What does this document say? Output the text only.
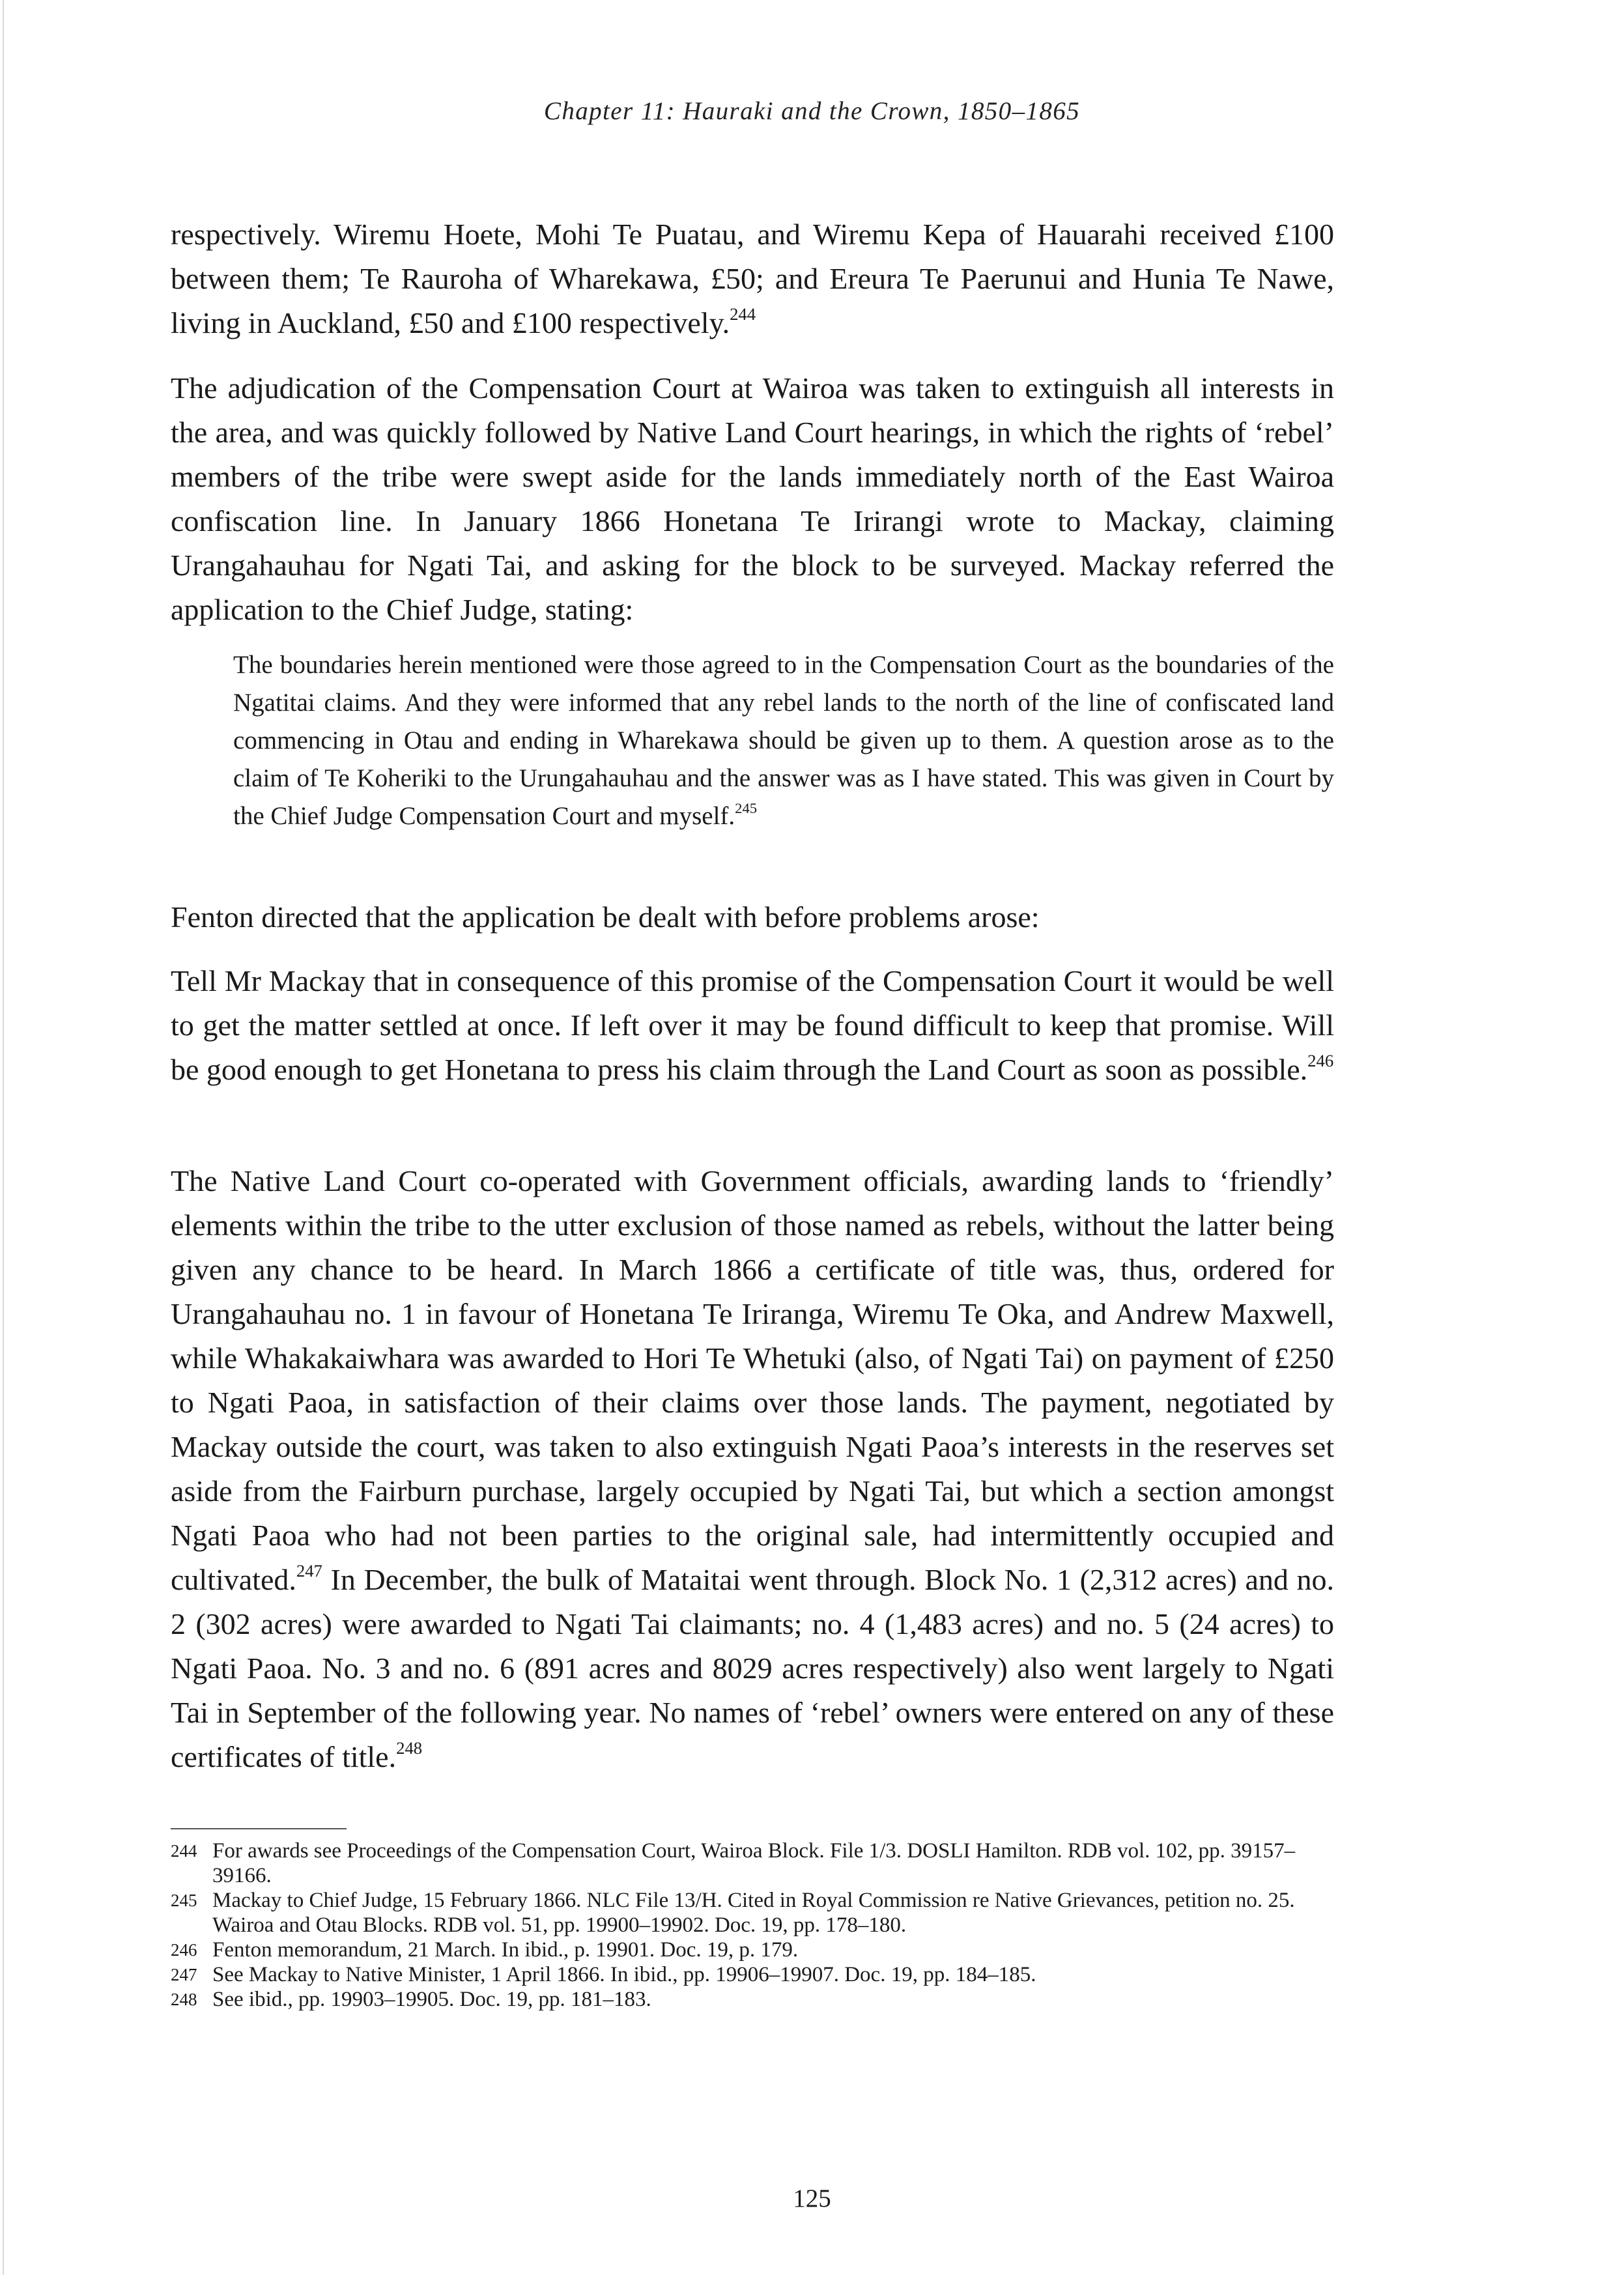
Chapter 11: Hauraki and the Crown, 1850–1865

respectively. Wiremu Hoete, Mohi Te Puatau, and Wiremu Kepa of Hauarahi received £100 between them; Te Rauroha of Wharekawa, £50; and Ereura Te Paerunui and Hunia Te Nawe, living in Auckland, £50 and £100 respectively.$^{244}$

The adjudication of the Compensation Court at Wairoa was taken to extinguish all interests in the area, and was quickly followed by Native Land Court hearings, in which the rights of ‘rebel’ members of the tribe were swept aside for the lands immediately north of the East Wairoa confiscation line. In January 1866 Honetana Te Irirangi wrote to Mackay, claiming Urangahauhau for Ngati Tai, and asking for the block to be surveyed. Mackay referred the application to the Chief Judge, stating:

The boundaries herein mentioned were those agreed to in the Compensation Court as the boundaries of the Ngatitai claims. And they were informed that any rebel lands to the north of the line of confiscated land commencing in Otau and ending in Wharekawa should be given up to them. A question arose as to the claim of Te Koheriki to the Urungahauhau and the answer was as I have stated. This was given in Court by the Chief Judge Compensation Court and myself.$^{245}$

Fenton directed that the application be dealt with before problems arose:

Tell Mr Mackay that in consequence of this promise of the Compensation Court it would be well to get the matter settled at once. If left over it may be found difficult to keep that promise. Will be good enough to get Honetana to press his claim through the Land Court as soon as possible.$^{246}$

The Native Land Court co-operated with Government officials, awarding lands to ‘friendly’ elements within the tribe to the utter exclusion of those named as rebels, without the latter being given any chance to be heard. In March 1866 a certificate of title was, thus, ordered for Urangahauhau no. 1 in favour of Honetana Te Iriranga, Wiremu Te Oka, and Andrew Maxwell, while Whakakaiwhara was awarded to Hori Te Whetuki (also, of Ngati Tai) on payment of £250 to Ngati Paoa, in satisfaction of their claims over those lands. The payment, negotiated by Mackay outside the court, was taken to also extinguish Ngati Paoa’s interests in the reserves set aside from the Fairburn purchase, largely occupied by Ngati Tai, but which a section amongst Ngati Paoa who had not been parties to the original sale, had intermittently occupied and cultivated.$^{247}$ In December, the bulk of Mataitai went through. Block No. 1 (2,312 acres) and no. 2 (302 acres) were awarded to Ngati Tai claimants; no. 4 (1,483 acres) and no. 5 (24 acres) to Ngati Paoa. No. 3 and no. 6 (891 acres and 8029 acres respectively) also went largely to Ngati Tai in September of the following year. No names of ‘rebel’ owners were entered on any of these certificates of title.$^{248}$

244 For awards see Proceedings of the Compensation Court, Wairoa Block. File 1/3. DOSLI Hamilton. RDB vol. 102, pp. 39157–39166.
245 Mackay to Chief Judge, 15 February 1866. NLC File 13/H. Cited in Royal Commission re Native Grievances, petition no. 25. Wairoa and Otau Blocks. RDB vol. 51, pp. 19900–19902. Doc. 19, pp. 178–180.
246 Fenton memorandum, 21 March. In ibid., p. 19901. Doc. 19, p. 179.
247 See Mackay to Native Minister, 1 April 1866. In ibid., pp. 19906–19907. Doc. 19, pp. 184–185.
248 See ibid., pp. 19903–19905. Doc. 19, pp. 181–183.
125
